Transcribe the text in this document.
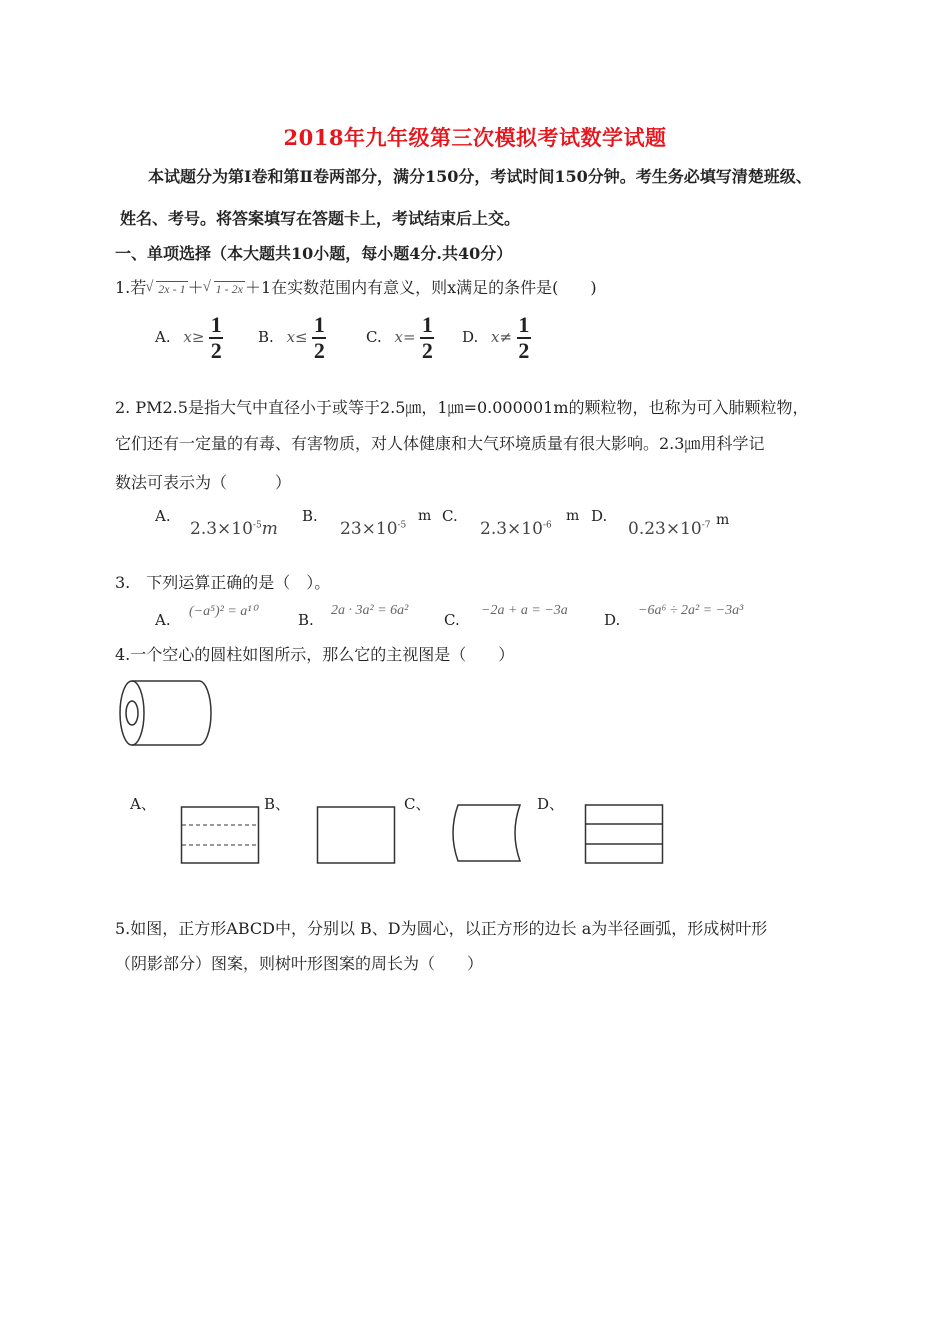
2018年九年级第三次模拟考试数学试题
本试题分为第Ⅰ卷和第Ⅱ卷两部分，满分150分，考试时间150分钟。考生务必填写清楚班级、
姓名、考号。将答案填写在答题卡上，考试结束后上交。
一、单项选择（本大题共10小题，每小题4分.共40分）
1.若 √ 2x - 1 ＋ √ 1 - 2x ＋1在实数范围内有意义，则x满足的条件是(　　)
A. $x\ge \frac{1}{2} B$. $x\le \frac{1}{2}$	C. $x= \frac{1}{2} D$. $x\ne \frac{1}{2}$
2. PM2.5是指大气中直径小于或等于2.5㎛，1㎛=0.000001m的颗粒物，也称为可入肺颗粒物，
它们还有一定量的有毒、有害物质，对人体健康和大气环境质量有很大影响。2.3㎛用科学记
数法可表示为（　　　）
A.
$2.3\times 10^{-5}m$
B.
$23\times 10^{-5}$
m C.
$2.3\times 10^{-6}$
m D.
$0.23\times 10^{-7}$ m
3.　下列运算正确的是（　）。
A. (−a⁵)² = a¹⁰	B.
2a · 3a² = 6a²
C.
−2a + a = −3a
D.
−6a⁶ ÷ 2a² = −3a³
4.一个空心的圆柱如图所示，那么它的主视图是（　　）
A、	B、	C、	D、
5.如图，正方形ABCD中，分别以 B、D为圆心，以正方形的边长 a为半径画弧，形成树叶形
（阴影部分）图案，则树叶形图案的周长为（　　）
